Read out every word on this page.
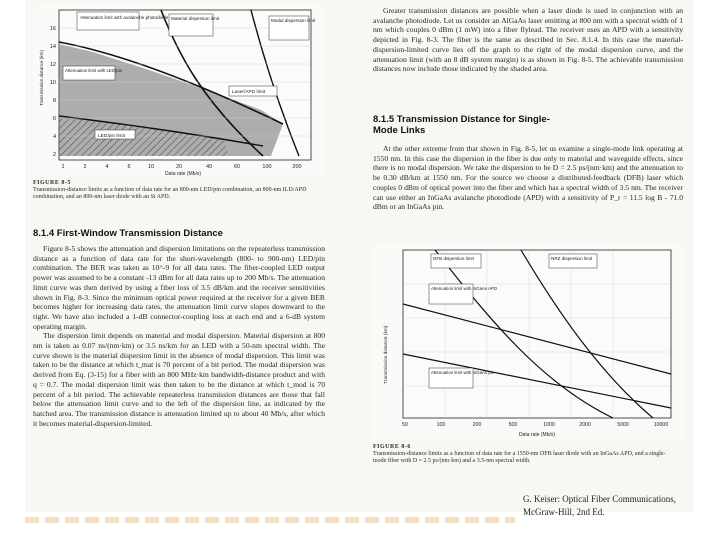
Attenuation limit with avalanche photodiode Material dispersion limit	Modal dispersion limit
Attenuation limit with LED/pin
Laser/APD limit
LED/pin limit
16
14
12
10
8
6
4
2
Transmission distance (km)
1	2	4	6	10	20	40	60	100	200
Data rate (Mb/s)
FIGURE 8-5
Transmission-distance limits as a function of data rate for an 800-nm LED/pin combination, an 800-nm ILD/APD combination, and an 800-nm laser diode with an Si APD.
8.1.4 First-Window Transmission Distance

Figure 8-5 shows the attenuation and dispersion limitations on the repeaterless transmission distance as a function of data rate for the short-wavelength (800- to 900-nm) LED/pin combination. The BER was taken as 10^-9 for all data rates. The fiber-coupled LED output power was assumed to be a constant -13 dBm for all data rates up to 200 Mb/s. The attenuation limit curve was then derived by using a fiber loss of 3.5 dB/km and the receiver sensitivities shown in Fig. 8-3. Since the minimum optical power required at the receiver for a given BER becomes higher for increasing data rates, the attenuation limit curve slopes downward to the right. We have also included a 1-dB connector-coupling loss at each end and a 6-dB system operating margin.

The dispersion limit depends on material and modal dispersion. Material dispersion at 800 nm is taken as 0.07 ns/(nm·km) or 3.5 ns/km for an LED with a 50-nm spectral width. The curve shown is the material dispersion limit in the absence of modal dispersion. This limit was taken to be the distance at which t_mat is 70 percent of a bit period. The modal dispersion was derived from Eq. (3-15) for a fiber with an 800 MHz·km bandwidth-distance product and with q = 0.7. The modal dispersion limit was then taken to be the distance at which t_mod is 70 percent of a bit period. The achievable repeaterless transmission distances are those that fall below the attenuation limit curve and to the left of the dispersion line, as indicated by the hatched area. The transmission distance is attenuation limited up to about 40 Mb/s, after which it becomes material-dispersion-limited.

Greater transmission distances are possible when a laser diode is used in conjunction with an avalanche photodiode. Let us consider an AlGaAs laser emitting at 800 nm with a spectral width of 1 nm which couples 0 dBm (1 mW) into a fiber flylead. The receiver uses an APD with a sensitivity depicted in Fig. 8-3. The fiber is the same as described in Sec. 8.1.4. In this case the material-dispersion-limited curve lies off the graph to the right of the modal dispersion curve, and the attenuation limit (with an 8 dB system margin) is as shown in Fig. 8-5. The achievable transmission distances now include those indicated by the shaded area.

8.1.5 Transmission Distance for Single-Mode Links

At the other extreme from that shown in Fig. 8-5, let us examine a single-mode link operating at 1550 nm. In this case the dispersion in the fiber is due only to material and waveguide effects, since there is no modal dispersion. We take the dispersion to be D = 2.5 ps/(nm·km) and the attenuation to be 0.30 dB/km at 1550 nm. For the source we choose a distributed-feedback (DFB) laser which couples 0 dBm of optical power into the fiber and which has a spectral width of 3.5 nm. The receiver can use either an InGaAs avalanche photodiode (APD) with a sensitivity of P_r = 11.5 log B - 71.0 dBm or an InGaAs pin.

DFB dispersion limit	NRZ dispersion limit
Attenuation limit with InGaAs APD
Attenuation limit with InGaAs pin
Transmission distance (km)
50	100	200	500	1000	2000	5000	10000
Data rate (Mb/s)
FIGURE 8-6
Transmission-distance limits as a function of data rate for a 1550-nm DFB laser diode with an InGaAs APD, and a single-mode fiber with D = 2.5 ps/(nm·km) and a 3.5-nm spectral width.
G. Keiser: Optical Fiber Communications,
McGraw-Hill, 2nd Ed.
